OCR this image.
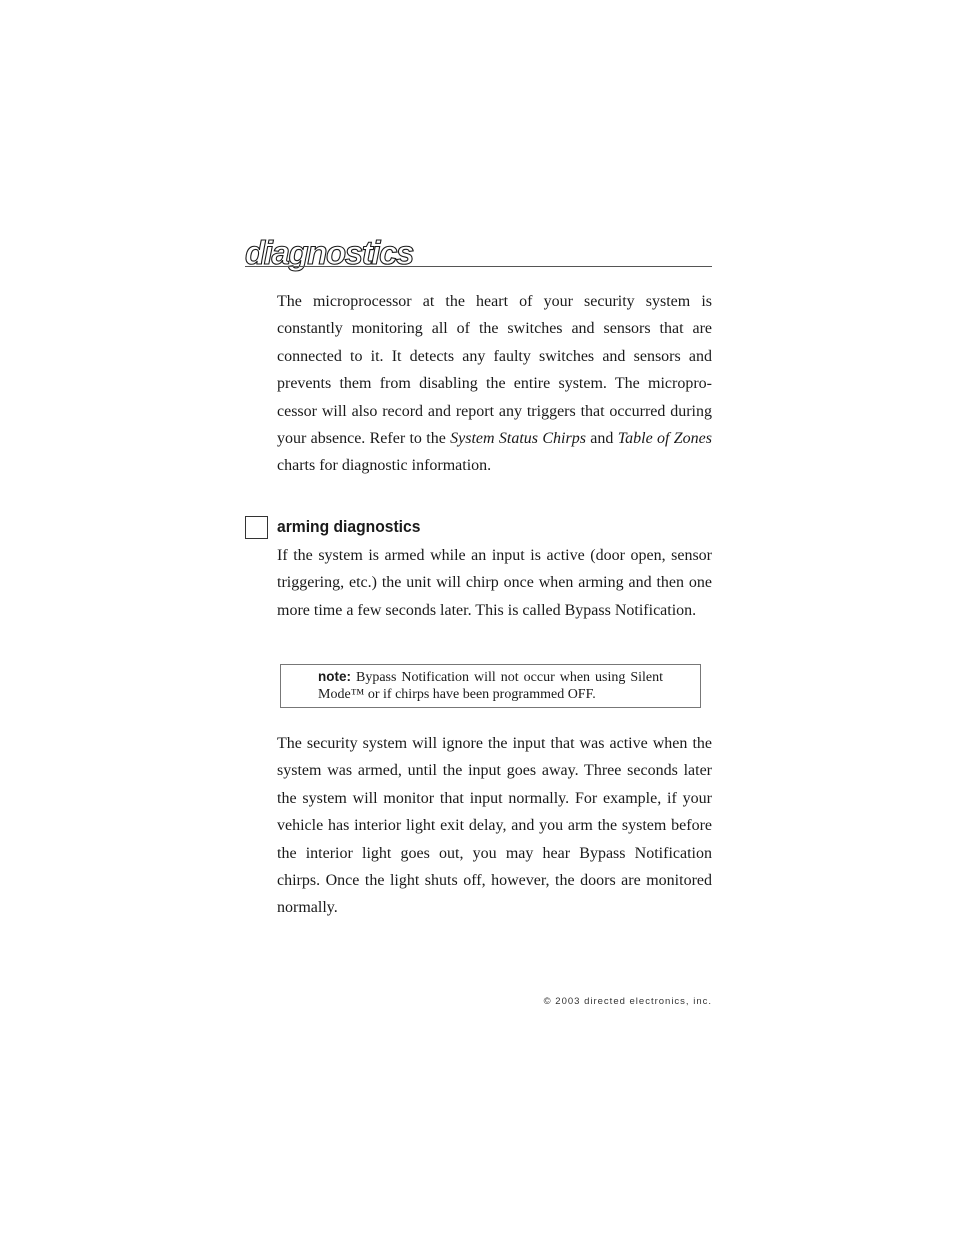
diagnostics

The microprocessor at the heart of your security system is constantly monitoring all of the switches and sensors that are connected to it. It detects any faulty switches and sensors and prevents them from disabling the entire system. The microprocessor will also record and report any triggers that occurred during your absence. Refer to the System Status Chirps and Table of Zones charts for diagnostic information.

arming diagnostics

If the system is armed while an input is active (door open, sensor triggering, etc.) the unit will chirp once when arming and then one more time a few seconds later. This is called Bypass Notification.

note: Bypass Notification will not occur when using Silent Mode™ or if chirps have been programmed OFF.

The security system will ignore the input that was active when the system was armed, until the input goes away. Three seconds later the system will monitor that input normally. For example, if your vehicle has interior light exit delay, and you arm the system before the interior light goes out, you may hear Bypass Notification chirps. Once the light shuts off, however, the doors are monitored normally.

© 2003 directed electronics, inc.
